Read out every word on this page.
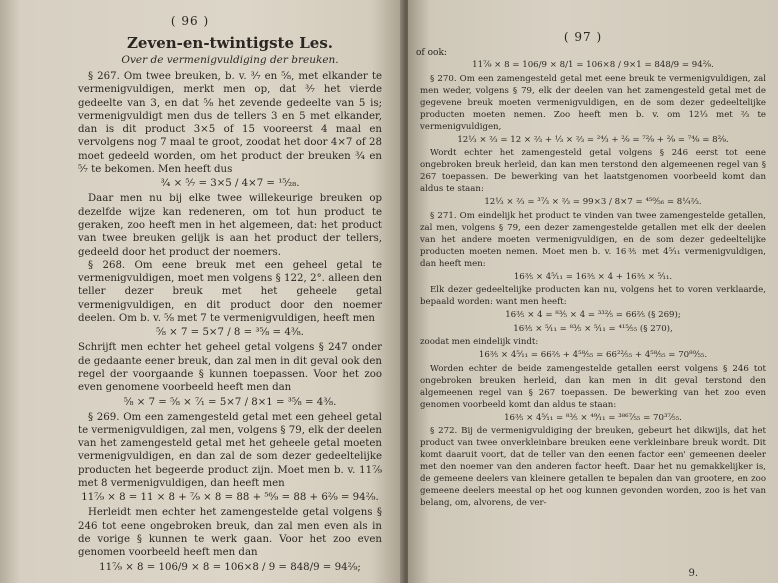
( 96 )
Zeven-en-twintigste Les.
Over de vermenigvuldiging der breuken.

§ 267. Om twee breuken, b. v. ³⁄₇ en ⁵⁄₈, met elkander te vermenigvuldigen, merkt men op, dat ³⁄₇ het vierde gedeelte van 3, en dat ⁵⁄₈ het zevende gedeelte van 5 is; vermenigvuldigt men dus de tellers 3 en 5 met elkander, dan is dit product 3×5 of 15 vooreerst 4 maal en vervolgens nog 7 maal te groot, zoodat het door 4×7 of 28 moet gedeeld worden, om het product der breuken ³⁄₄ en ⁵⁄₇ te bekomen. Men heeft dus

³⁄₄ × ⁵⁄₇ = 3×5 / 4×7 = ¹⁵⁄₂₈.

Daar men nu bij elke twee willekeurige breuken op dezelfde wijze kan redeneren, om tot hun product te geraken, zoo heeft men in het algemeen, dat: het product van twee breuken gelijk is aan het product der tellers, gedeeld door het product der noemers.

§ 268. Om eene breuk met een geheel getal te vermenigvuldigen, moet men volgens § 122, 2°. alleen den teller dezer breuk met het geheele getal vermenigvuldigen, en dit product door den noemer deelen. Om b. v. ⁵⁄₈ met 7 te vermenigvuldigen, heeft men

⁵⁄₈ × 7 = 5×7 / 8 = ³⁵⁄₈ = 4³⁄₈.

Schrijft men echter het geheel getal volgens § 247 onder de gedaante eener breuk, dan zal men in dit geval ook den regel der voorgaande § kunnen toepassen. Voor het zoo even genomene voorbeeld heeft men dan

⁵⁄₈ × 7 = ⁵⁄₈ × ⁷⁄₁ = 5×7 / 8×1 = ³⁵⁄₈ = 4³⁄₈.

§ 269. Om een zamengesteld getal met een geheel getal te vermenigvuldigen, zal men, volgens § 79, elk der deelen van het zamengesteld getal met het geheele getal moeten vermenigvuldigen, en dan zal de som dezer gedeeltelijke producten het begeerde product zijn. Moet men b. v. 11⁷⁄₉ met 8 vermenigvuldigen, dan heeft men

11⁷⁄₉ × 8 = 11 × 8 + ⁷⁄₉ × 8 = 88 + ⁵⁶⁄₉ = 88 + 6²⁄₉ = 94²⁄₉.

Herleidt men echter het zamengestelde getal volgens § 246 tot eene ongebroken breuk, dan zal men even als in de vorige § kunnen te werk gaan. Voor het zoo even genomen voorbeeld heeft men dan

11⁷⁄₉ × 8 = 106/9 × 8 = 106×8 / 9 = 848/9 = 94²⁄₉;
( 97 )
of ook:
11⁷⁄₉ × 8 = 106/9 × 8/1 = 106×8 / 9×1 = 848/9 = 94²⁄₉.

§ 270. Om een zamengesteld getal met eene breuk te vermenigvuldigen, zal men weder, volgens § 79, elk der deelen van het zamengesteld getal met de gegevene breuk moeten vermenigvuldigen, en de som dezer gedeeltelijke producten moeten nemen. Zoo heeft men b. v. om 12⅓ met ⅔ te vermenigvuldigen,

12⅓ × ⅔ = 12 × ⅔ + ⅓ × ⅔ = ²⁴⁄₃ + ²⁄₉ = ⁷²⁄₉ + ²⁄₉ = ⁷⁴⁄₉ = 8²⁄₉.

Wordt echter het zamengesteld getal volgens § 246 eerst tot eene ongebroken breuk herleid, dan kan men terstond den algemeenen regel van § 267 toepassen. De bewerking van het laatstgenomen voorbeeld komt dan aldus te staan:

12⅓ × ⅔ = ³⁷⁄₃ × ⅔ = 99×3 / 8×7 = ⁴⁵⁰⁄₅₆ = 8¼⅔.

§ 271. Om eindelijk het product te vinden van twee zamengestelde getallen, zal men, volgens § 79, een dezer zamengestelde getallen met elk der deelen van het andere moeten vermenigvuldigen, en de som dezer gedeeltelijke producten moeten nemen. Moet men b. v. 16⅗ met 4⁵⁄₁₁ vermenigvuldigen, dan heeft men:

16⅗ × 4⁵⁄₁₁ = 16⅗ × 4 + 16⅗ × ⁵⁄₁₁.

Elk dezer gedeeltelijke producten kan nu, volgens het to voren verklaarde, bepaald worden: want men heeft:

16⅗ × 4 = ⁸³⁄₅ × 4 = ³³²⁄₅ = 66⅖ (§ 269);
16⅗ × ⁵⁄₁₁ = ⁸³⁄₅ × ⁵⁄₁₁ = ⁴¹⁵⁄₅₅ (§ 270),

zoodat men eindelijk vindt:

16⅗ × 4⁵⁄₁₁ = 66⅖ + 4⁵⁸⁄₅₅ = 66²²⁄₅₅ + 4⁵⁸⁄₅₅ = 70⁸⁰⁄₅₅.

Worden echter de beide zamengestelde getallen eerst volgens § 246 tot ongebroken breuken herleid, dan kan men in dit geval terstond den algemeenen regel van § 267 toepassen. De bewerking van het zoo even genomen voorbeeld komt dan aldus te staan:

16⅗ × 4⁵⁄₁₁ = ⁸³⁄₅ × ⁴⁹⁄₁₁ = ³⁸⁶⁷⁄₅₅ = 70³⁷⁄₅₅.

§ 272. Bij de vermenigvuldiging der breuken, gebeurt het dikwijls, dat het product van twee onverkleinbare breuken eene verkleinbare breuk wordt. Dit komt daaruit voort, dat de teller van den eenen factor een' gemeenen deeler met den noemer van den anderen factor heeft. Daar het nu gemakkelijker is, de gemeene deelers van kleinere getallen te bepalen dan van grootere, en zoo gemeene deelers meestal op het oog kunnen gevonden worden, zoo is het van belang, om, alvorens, de ver-

9.
